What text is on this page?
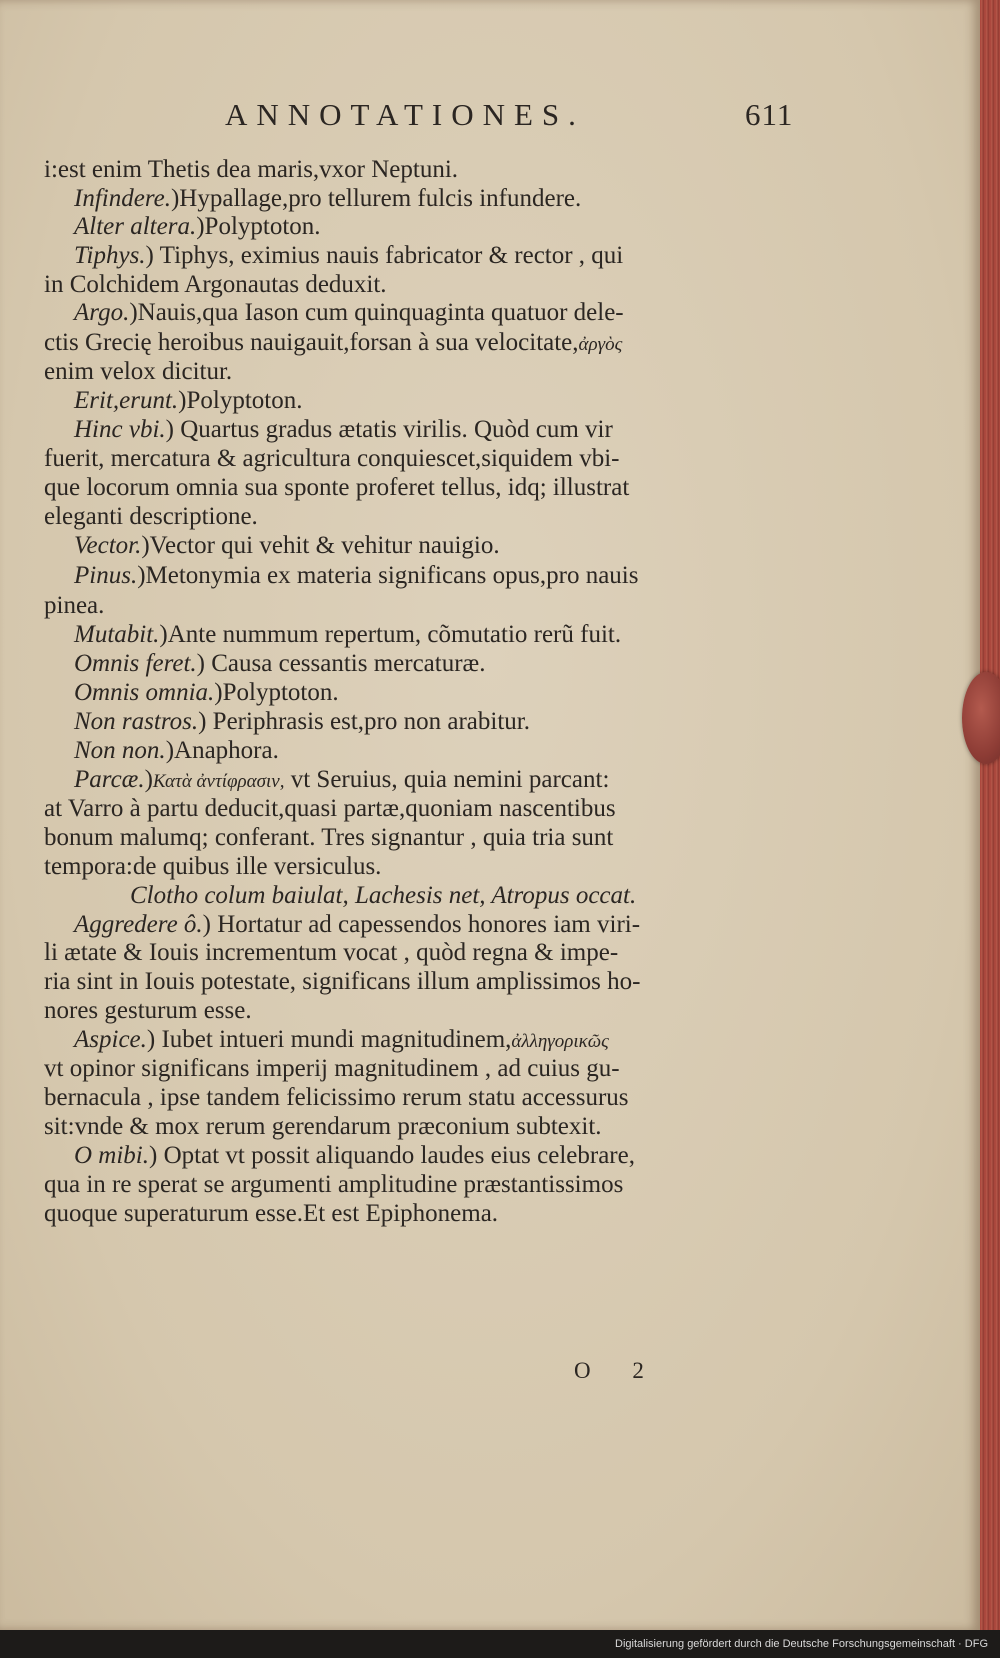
ANNOTATIONES.	611
i:est enim Thetis dea maris,vxor Neptuni.
Infindere.)Hypallage,pro tellurem fulcis infundere.
Alter altera.)Polyptoton.
Tiphys.) Tiphys, eximius nauis fabricator & rector , qui
in Colchidem Argonautas deduxit.
Argo.)Nauis,qua Iason cum quinquaginta quatuor dele-
ctis Grecię heroibus nauigauit,forsan à sua velocitate,ἀργὸς
enim velox dicitur.
Erit,erunt.)Polyptoton.
Hinc vbi.) Quartus gradus ætatis virilis. Quòd cum vir
fuerit, mercatura & agricultura conquiescet,siquidem vbi-
que locorum omnia sua sponte proferet tellus, idq; illustrat
eleganti descriptione.
Vector.)Vector qui vehit & vehitur nauigio.
Pinus.)Metonymia ex materia significans opus,pro nauis
pinea.
Mutabit.)Ante nummum repertum, cõmutatio rerũ fuit.
Omnis feret.) Causa cessantis mercaturæ.
Omnis omnia.)Polyptoton.
Non rastros.) Periphrasis est,pro non arabitur.
Non non.)Anaphora.
Parcæ.)Κατὰ ἀντίφρασιν, vt Seruius, quia nemini parcant:
at Varro à partu deducit,quasi partæ,quoniam nascentibus
bonum malumq; conferant. Tres signantur , quia tria sunt
tempora:de quibus ille versiculus.
Clotho colum baiulat, Lachesis net, Atropus occat.
Aggredere ô.) Hortatur ad capessendos honores iam viri-
li ætate & Iouis incrementum vocat , quòd regna & impe-
ria sint in Iouis potestate, significans illum amplissimos ho-
nores gesturum esse.
Aspice.) Iubet intueri mundi magnitudinem,ἀλληγορικῶς
vt opinor significans imperij magnitudinem , ad cuius gu-
bernacula , ipse tandem felicissimo rerum statu accessurus
sit:vnde & mox rerum gerendarum præconium subtexit.
O mibi.) Optat vt possit aliquando laudes eius celebrare,
qua in re sperat se argumenti amplitudine præstantissimos
quoque superaturum esse.Et est Epiphonema.
O 2
Digitalisierung gefördert durch die Deutsche Forschungsgemeinschaft · DFG
